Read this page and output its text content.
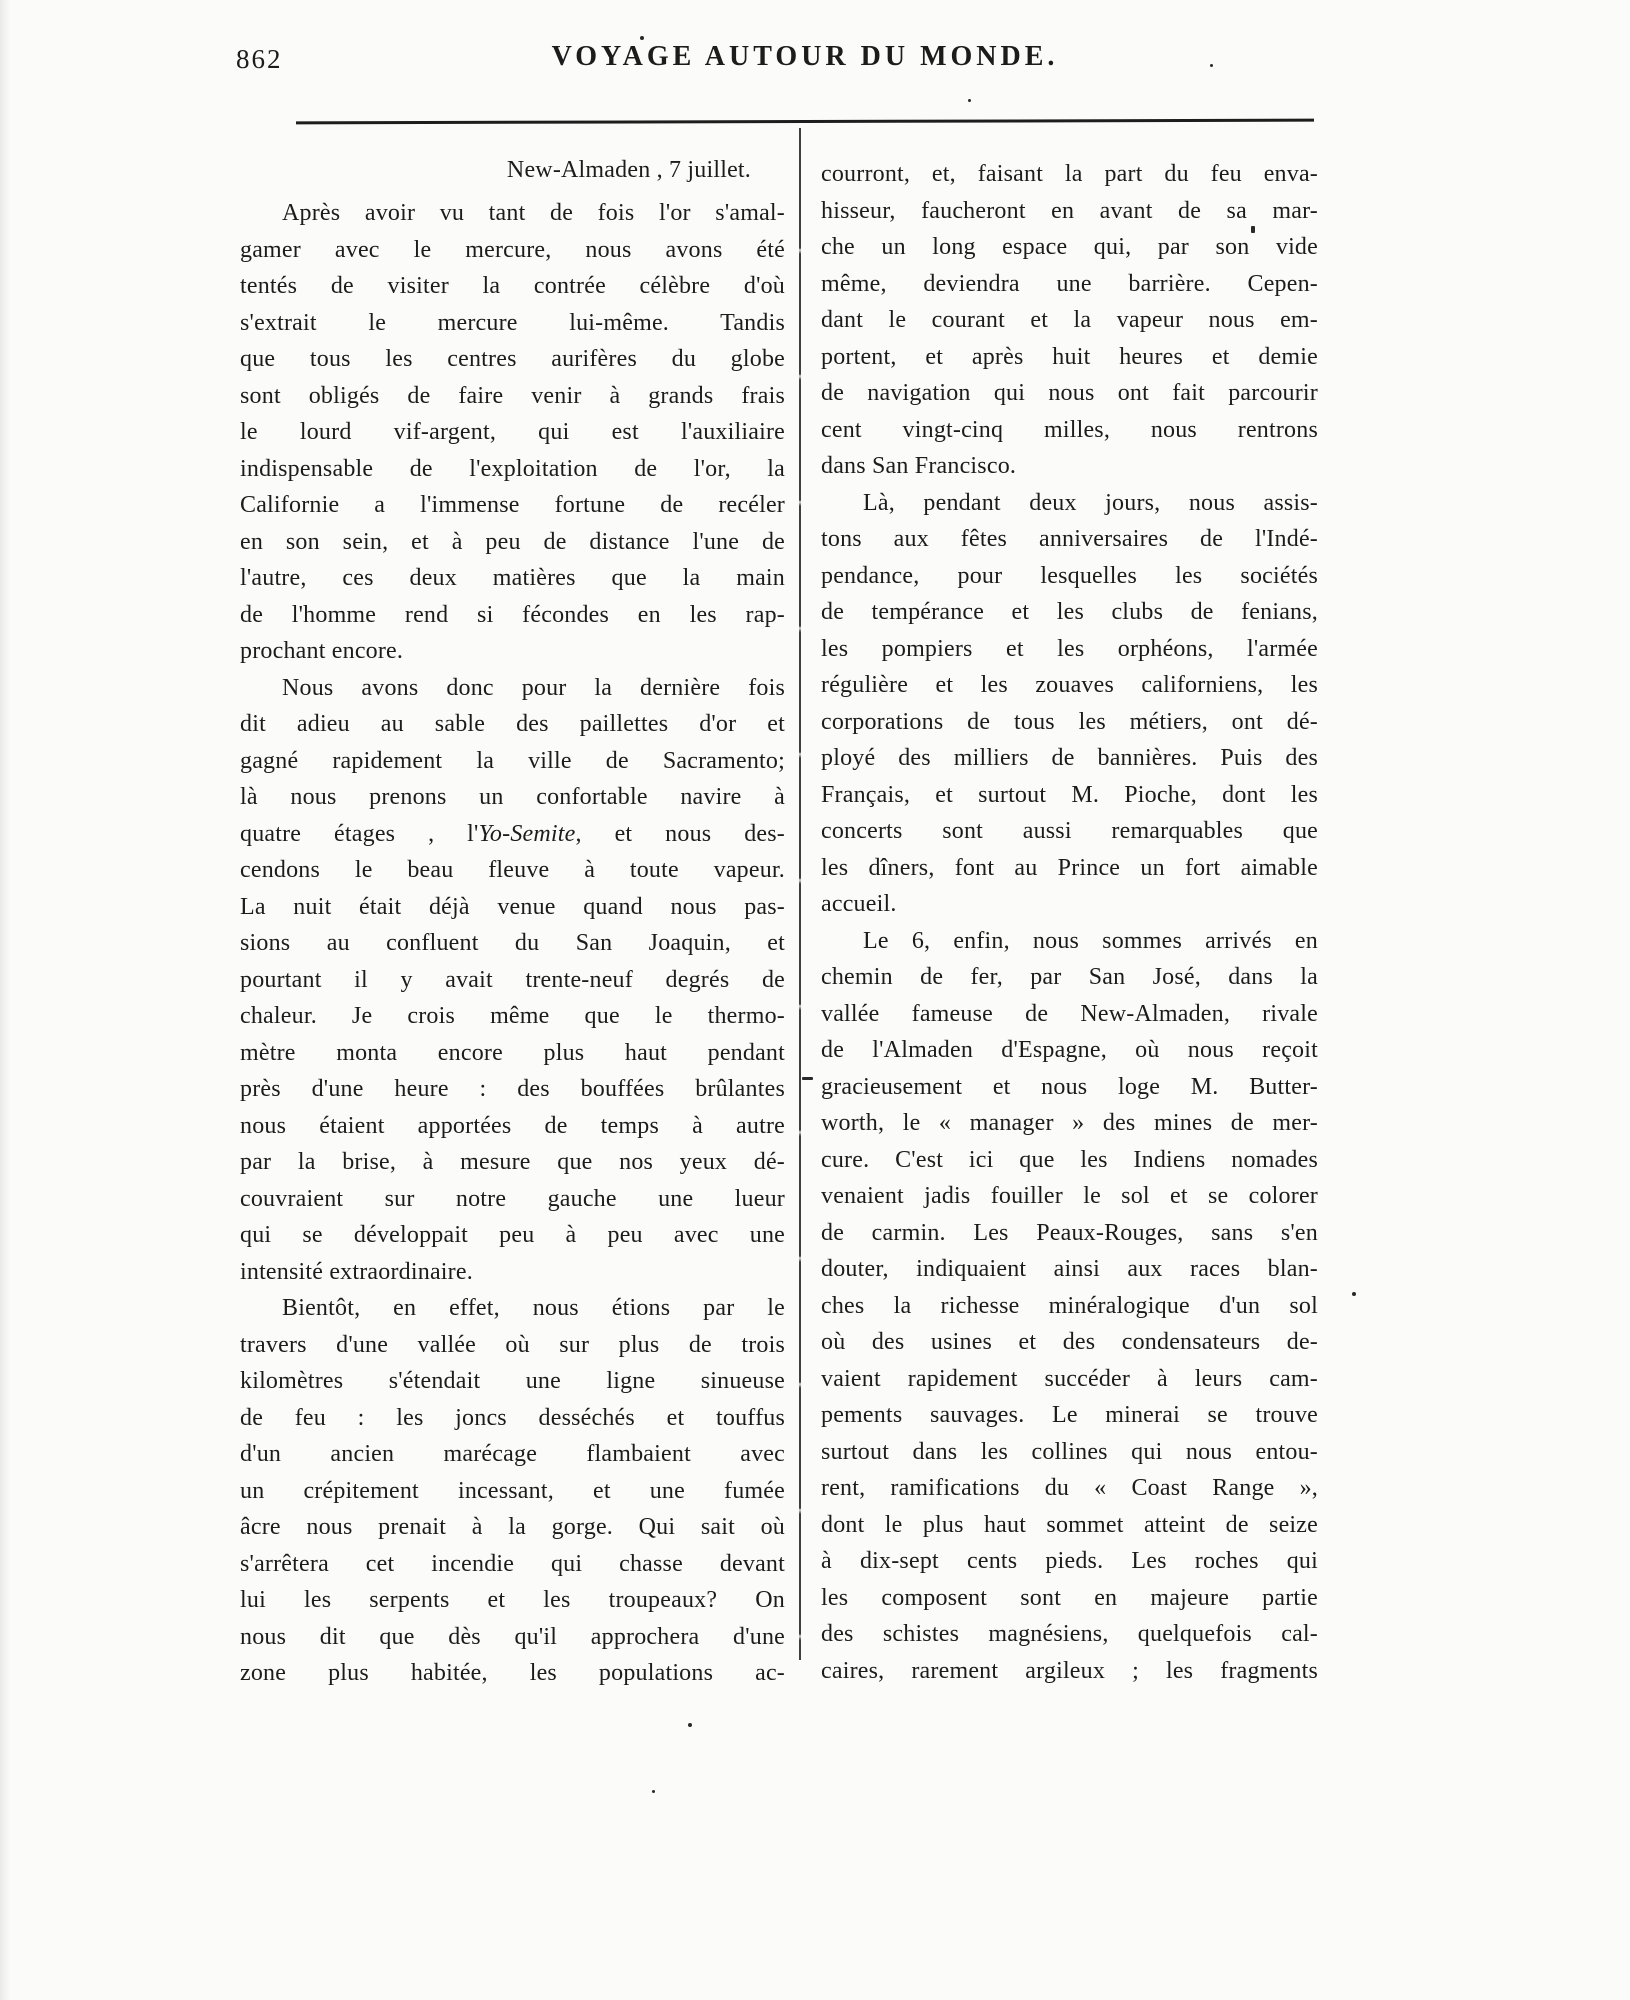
862	VOYAGE AUTOUR DU MONDE.
New-Almaden , 7 juillet.
Après avoir vu tant de fois l'or s'amal-
gamer avec le mercure, nous avons été
tentés de visiter la contrée célèbre d'où
s'extrait le mercure lui-même. Tandis
que tous les centres aurifères du globe
sont obligés de faire venir à grands frais
le lourd vif-argent, qui est l'auxiliaire
indispensable de l'exploitation de l'or, la
Californie a l'immense fortune de recéler
en son sein, et à peu de distance l'une de
l'autre, ces deux matières que la main
de l'homme rend si fécondes en les rap-
prochant encore.
Nous avons donc pour la dernière fois
dit adieu au sable des paillettes d'or et
gagné rapidement la ville de Sacramento;
là nous prenons un confortable navire à
quatre étages , l'Yo-Semite, et nous des-
cendons le beau fleuve à toute vapeur.
La nuit était déjà venue quand nous pas-
sions au confluent du San Joaquin, et
pourtant il y avait trente-neuf degrés de
chaleur. Je crois même que le thermo-
mètre monta encore plus haut pendant
près d'une heure : des bouffées brûlantes
nous étaient apportées de temps à autre
par la brise, à mesure que nos yeux dé-
couvraient sur notre gauche une lueur
qui se développait peu à peu avec une
intensité extraordinaire.
Bientôt, en effet, nous étions par le
travers d'une vallée où sur plus de trois
kilomètres s'étendait une ligne sinueuse
de feu : les joncs desséchés et touffus
d'un ancien marécage flambaient avec
un crépitement incessant, et une fumée
âcre nous prenait à la gorge. Qui sait où
s'arrêtera cet incendie qui chasse devant
lui les serpents et les troupeaux? On
nous dit que dès qu'il approchera d'une
zone plus habitée, les populations ac-
courront, et, faisant la part du feu enva-
hisseur, faucheront en avant de sa mar-
che un long espace qui, par son vide
même, deviendra une barrière. Cepen-
dant le courant et la vapeur nous em-
portent, et après huit heures et demie
de navigation qui nous ont fait parcourir
cent vingt-cinq milles, nous rentrons
dans San Francisco.
Là, pendant deux jours, nous assis-
tons aux fêtes anniversaires de l'Indé-
pendance, pour lesquelles les sociétés
de tempérance et les clubs de fenians,
les pompiers et les orphéons, l'armée
régulière et les zouaves californiens, les
corporations de tous les métiers, ont dé-
ployé des milliers de bannières. Puis des
Français, et surtout M. Pioche, dont les
concerts sont aussi remarquables que
les dîners, font au Prince un fort aimable
accueil.
Le 6, enfin, nous sommes arrivés en
chemin de fer, par San José, dans la
vallée fameuse de New-Almaden, rivale
de l'Almaden d'Espagne, où nous reçoit
gracieusement et nous loge M. Butter-
worth, le « manager » des mines de mer-
cure. C'est ici que les Indiens nomades
venaient jadis fouiller le sol et se colorer
de carmin. Les Peaux-Rouges, sans s'en
douter, indiquaient ainsi aux races blan-
ches la richesse minéralogique d'un sol
où des usines et des condensateurs de-
vaient rapidement succéder à leurs cam-
pements sauvages. Le minerai se trouve
surtout dans les collines qui nous entou-
rent, ramifications du « Coast Range »,
dont le plus haut sommet atteint de seize
à dix-sept cents pieds. Les roches qui
les composent sont en majeure partie
des schistes magnésiens, quelquefois cal-
caires, rarement argileux ; les fragments
